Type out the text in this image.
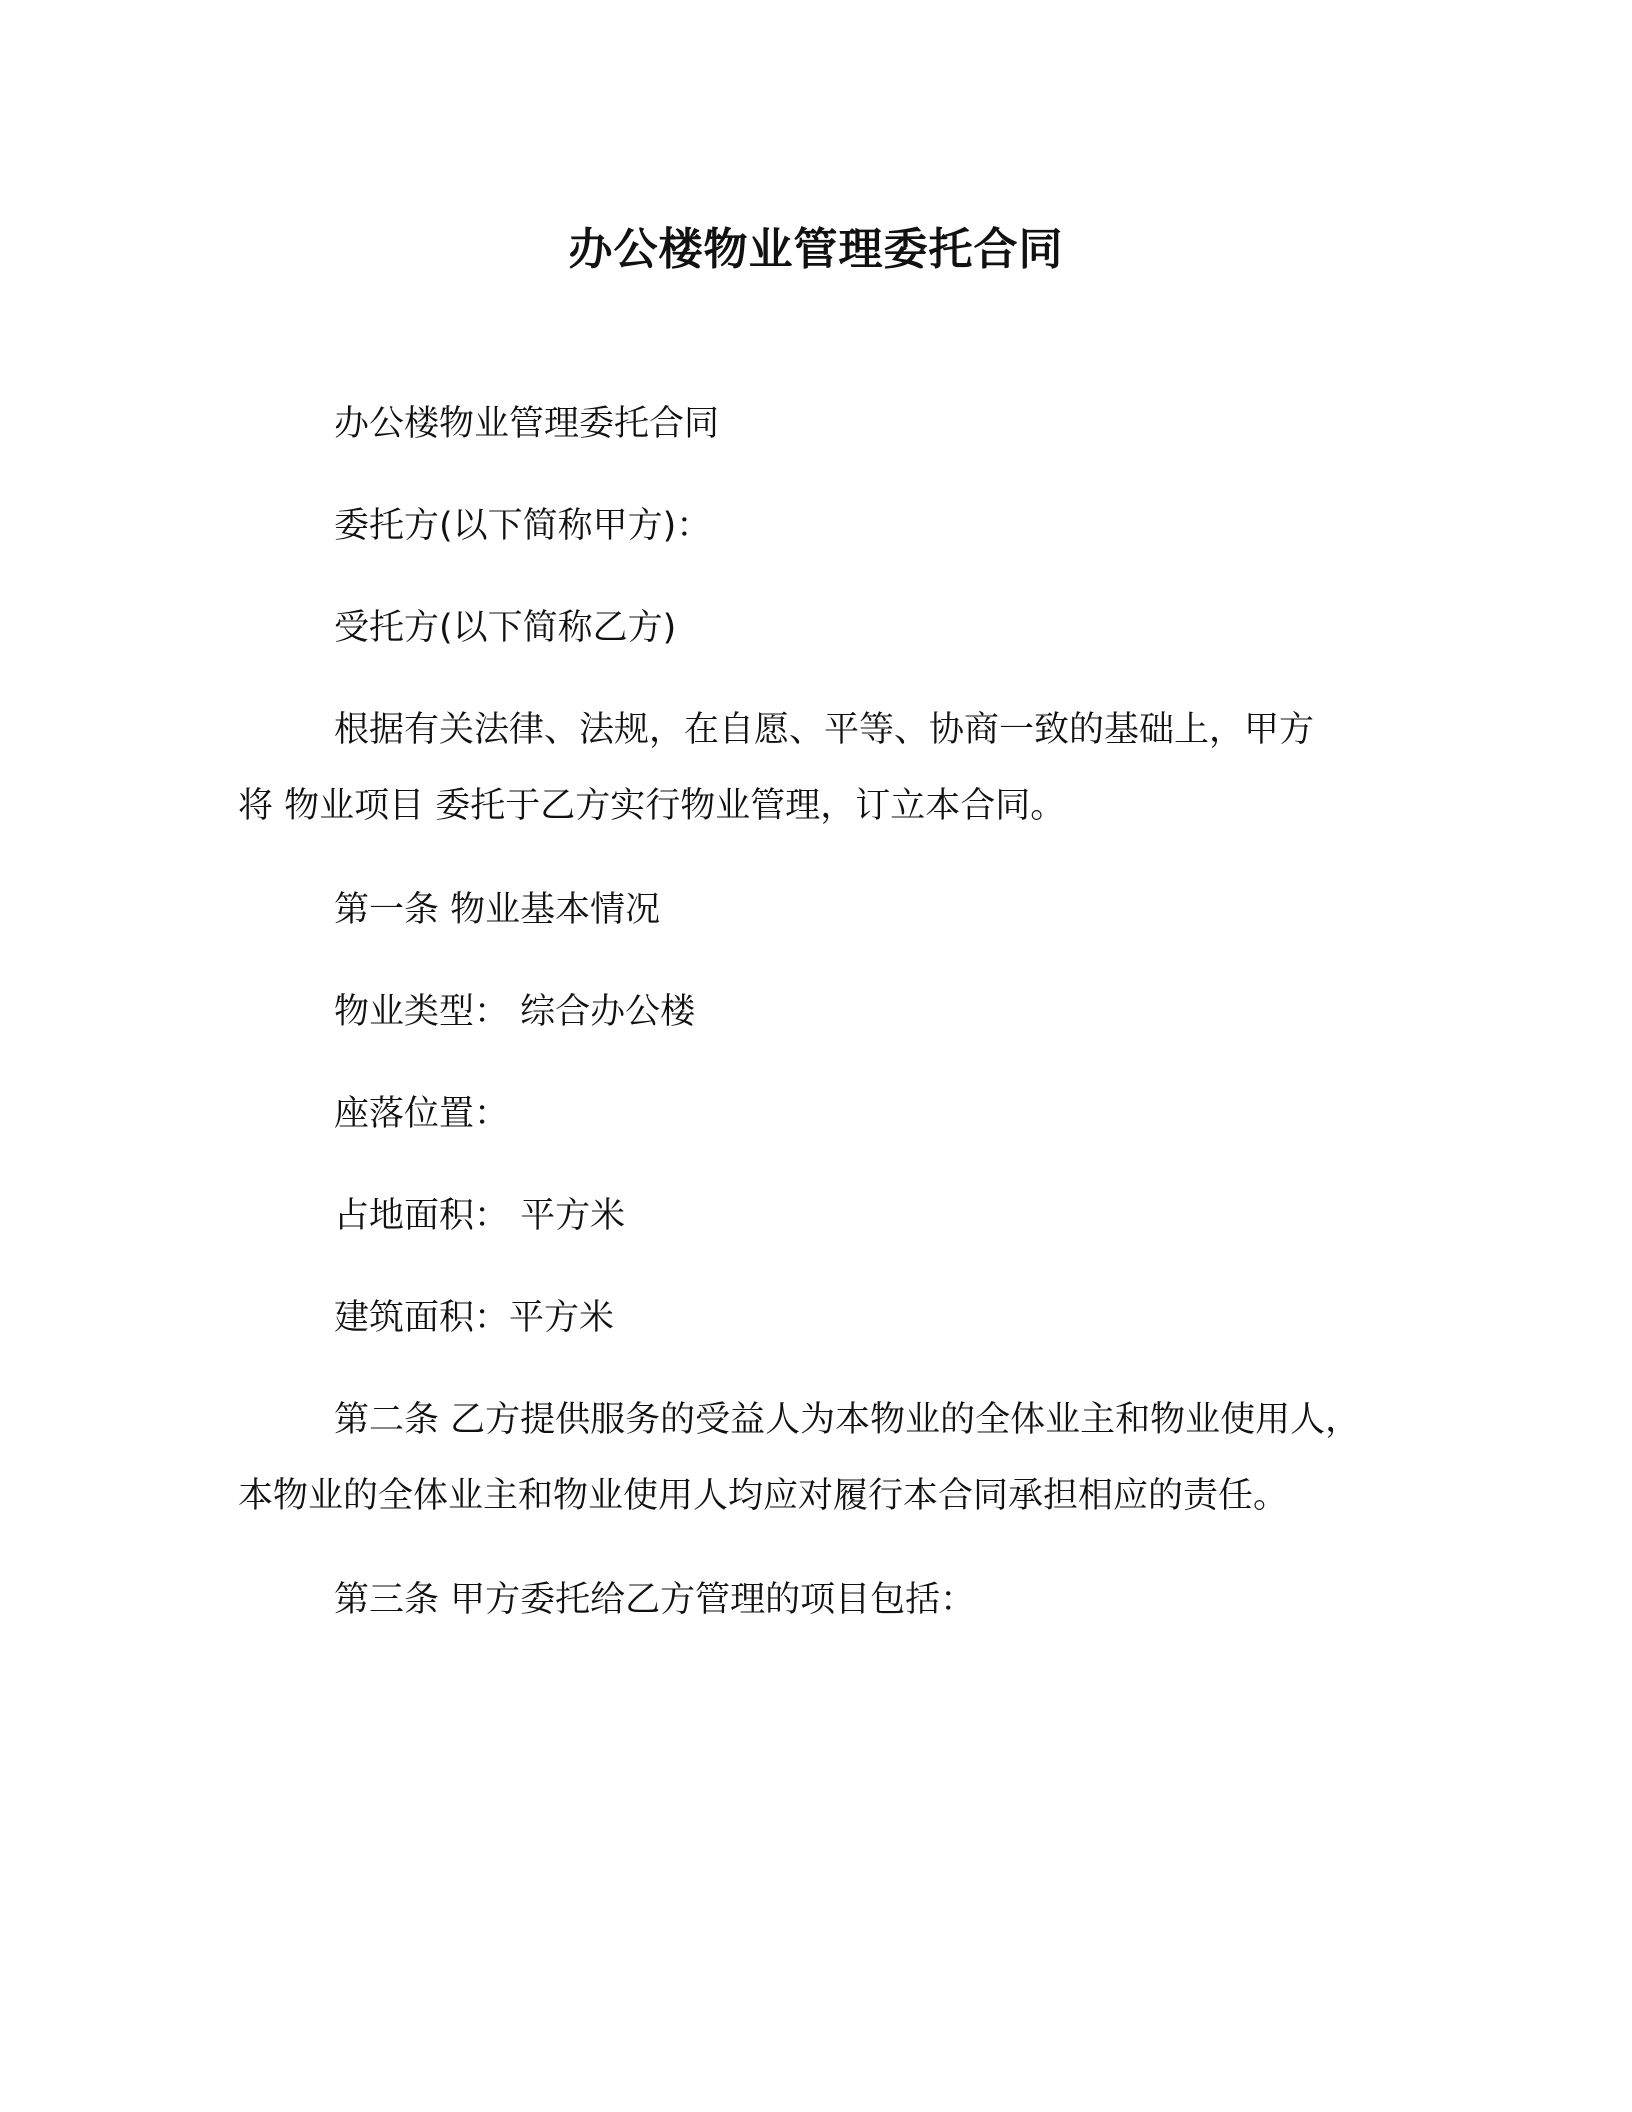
办公楼物业管理委托合同
办公楼物业管理委托合同
委托方(以下简称甲方)：
受托方(以下简称乙方)
根据有关法律、法规，在自愿、平等、协商一致的基础上，甲方
将 物业项目 委托于乙方实行物业管理，订立本合同。
第一条 物业基本情况
物业类型： 综合办公楼
座落位置：
占地面积： 平方米
建筑面积：平方米
第二条 乙方提供服务的受益人为本物业的全体业主和物业使用人，
本物业的全体业主和物业使用人均应对履行本合同承担相应的责任。
第三条 甲方委托给乙方管理的项目包括：
